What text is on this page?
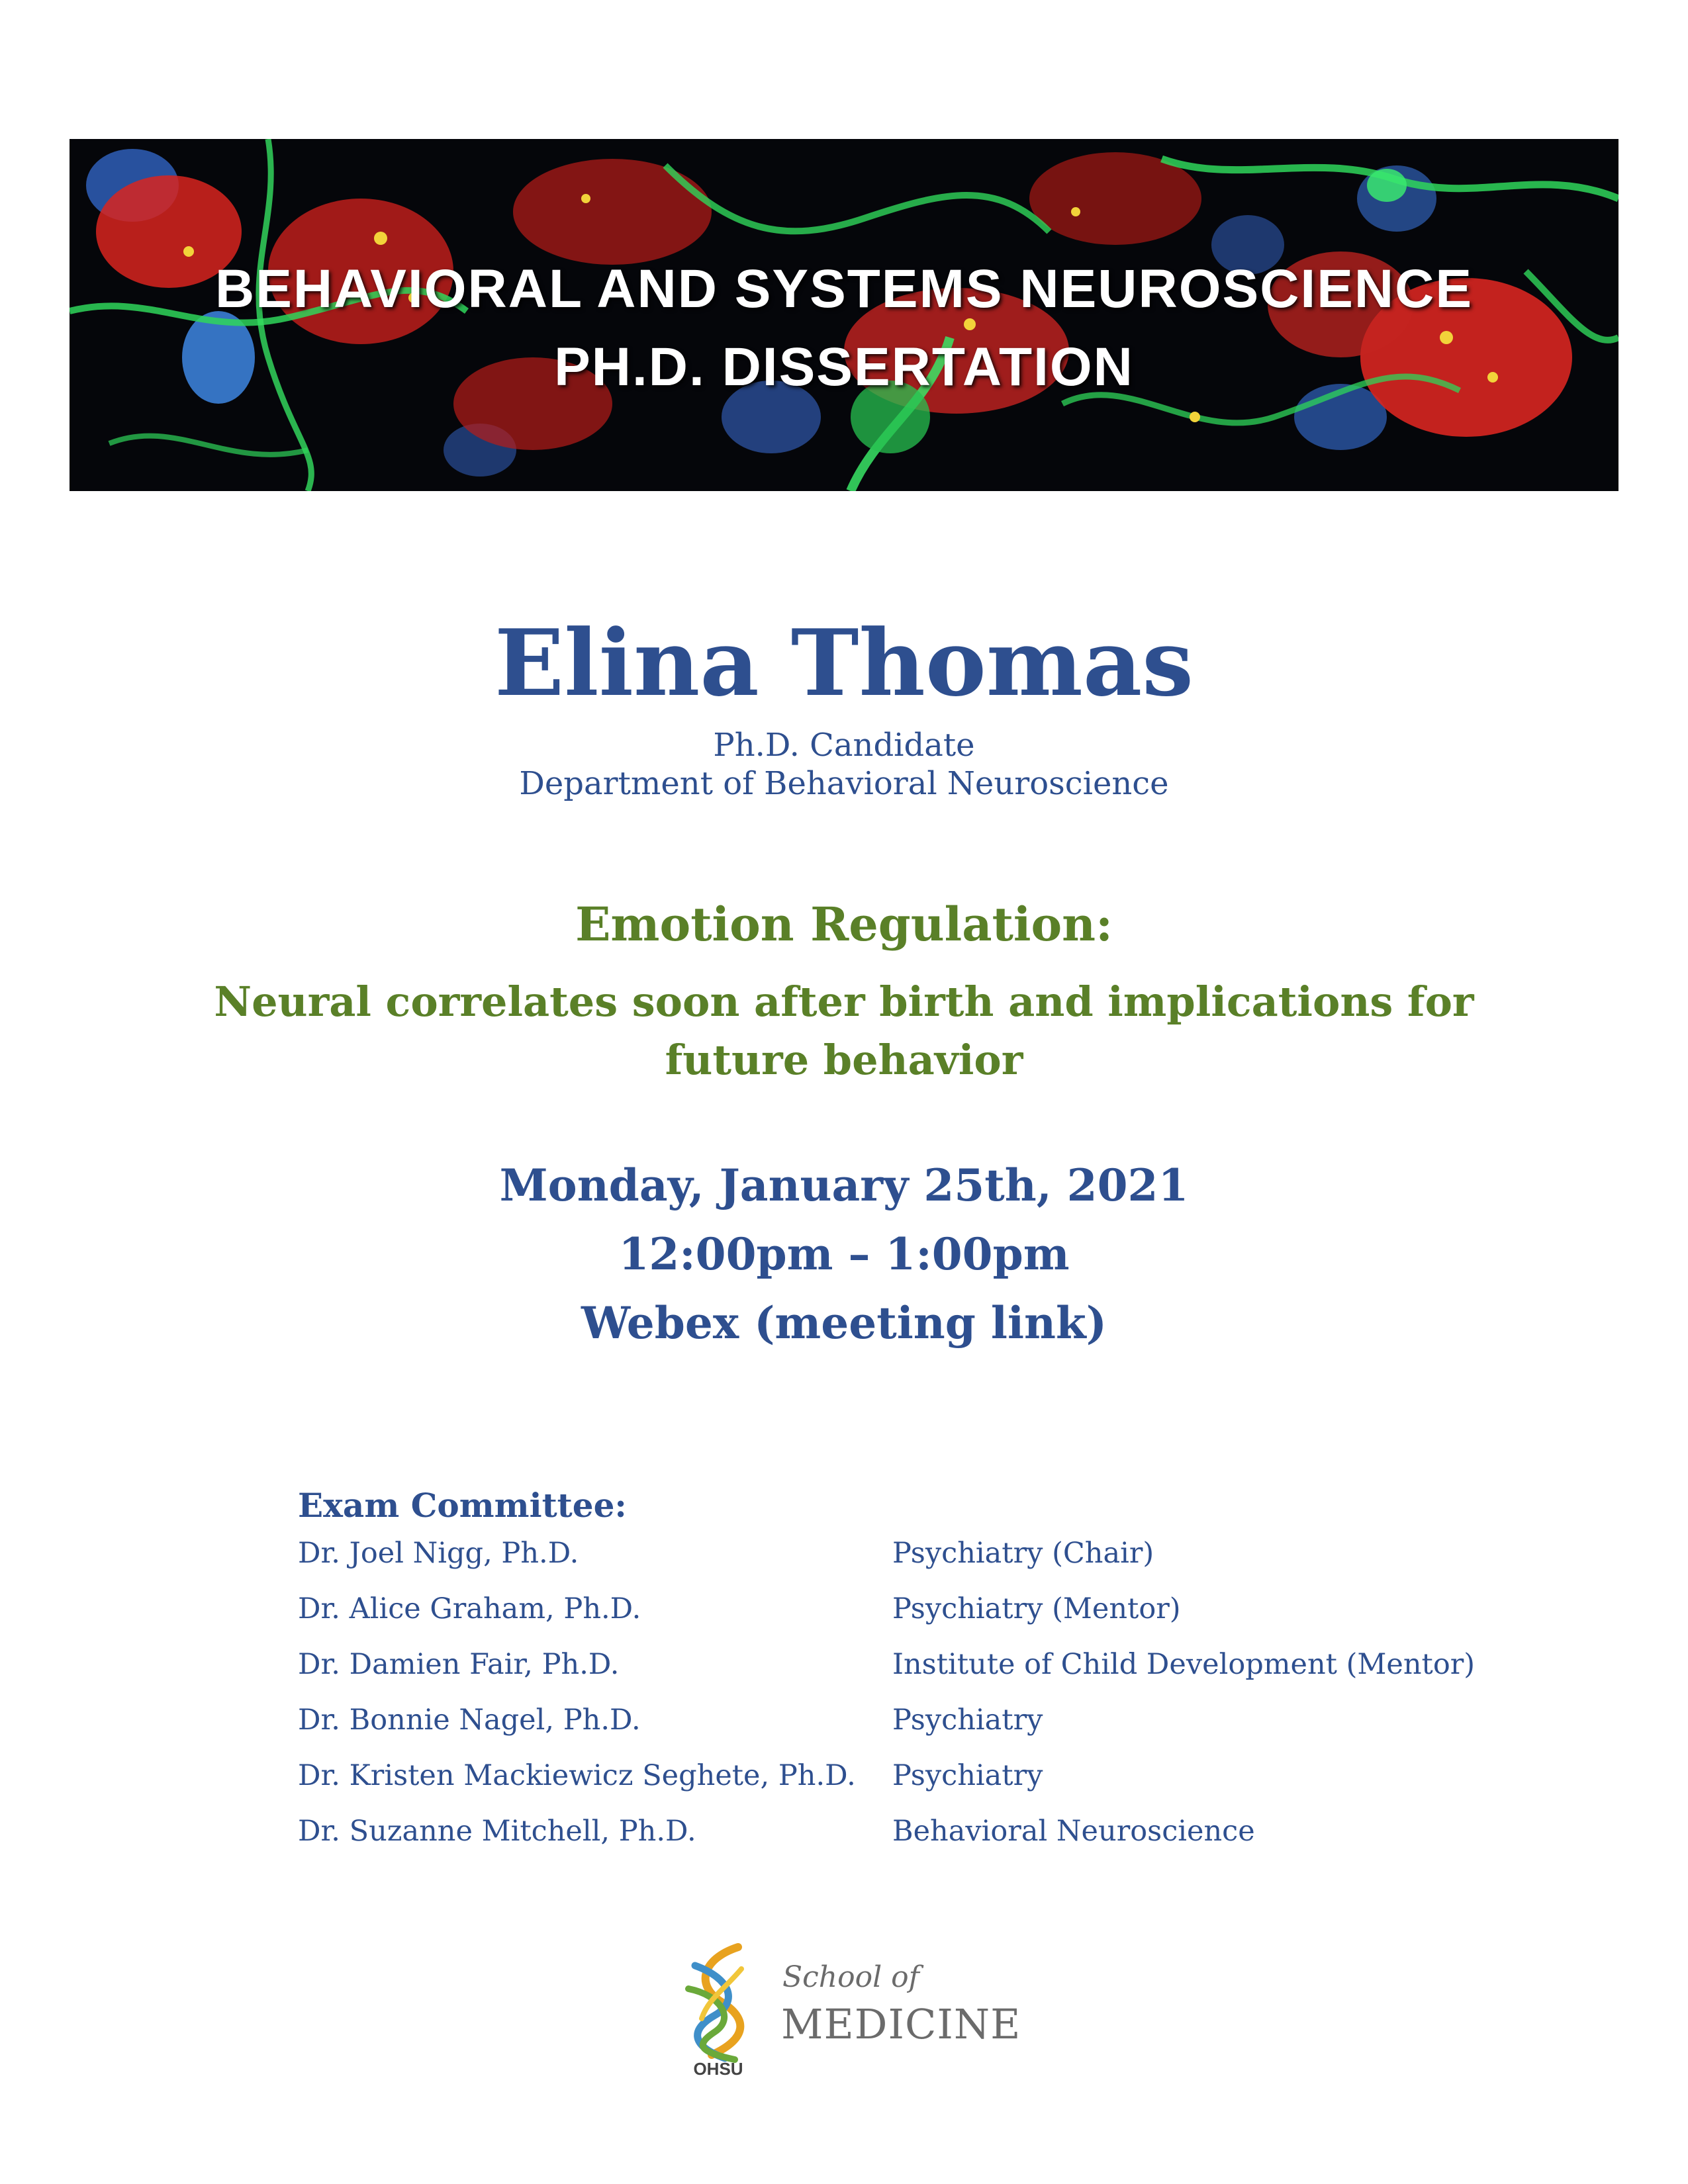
BEHAVIORAL AND SYSTEMS NEUROSCIENCE

PH.D. DISSERTATION

Elina Thomas

Ph.D. Candidate

Department of Behavioral Neuroscience

Emotion Regulation:

Neural correlates soon after birth and implications for future behavior

Monday, January 25th, 2021

12:00pm – 1:00pm

Webex (meeting link)

Exam Committee:
Dr. Joel Nigg, Ph.D.	Psychiatry (Chair)
Dr. Alice Graham, Ph.D.	Psychiatry (Mentor)
Dr. Damien Fair, Ph.D.	Institute of Child Development (Mentor)
Dr. Bonnie Nagel, Ph.D.	Psychiatry
Dr. Kristen Mackiewicz Seghete, Ph.D. Psychiatry
Dr. Suzanne Mitchell, Ph.D.	Behavioral Neuroscience
OHSU
School of
MEDICINE
